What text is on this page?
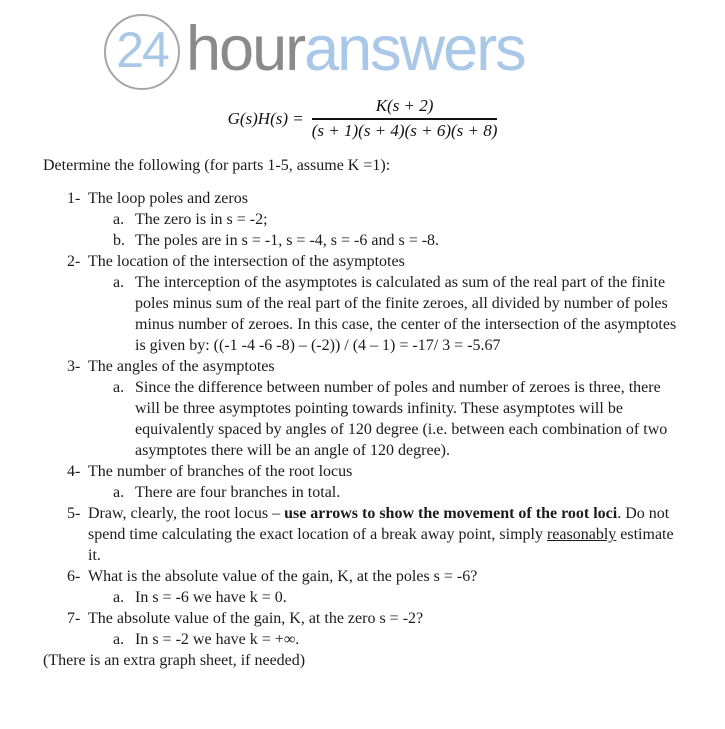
24 houranswers
$G(s)H(s) = \frac{K(s + 2)}{(s + 1)(s + 4)(s + 6)(s + 8)}$
Determine the following (for parts 1-5, assume K =1):
1- The loop poles and zeros
a. The zero is in s = -2;
b. The poles are in s = -1, s = -4, s = -6 and s = -8.
2- The location of the intersection of the asymptotes
a. The interception of the asymptotes is calculated as sum of the real part of the finite poles minus sum of the real part of the finite zeroes, all divided by number of poles minus number of zeroes. In this case, the center of the intersection of the asymptotes is given by: ((-1 -4 -6 -8) – (-2)) / (4 – 1) = -17/ 3 = -5.67
3- The angles of the asymptotes
a. Since the difference between number of poles and number of zeroes is three, there will be three asymptotes pointing towards infinity. These asymptotes will be equivalently spaced by angles of 120 degree (i.e. between each combination of two asymptotes there will be an angle of 120 degree).
4- The number of branches of the root locus
a. There are four branches in total.
5- Draw, clearly, the root locus – use arrows to show the movement of the root loci. Do not spend time calculating the exact location of a break away point, simply reasonably estimate it.
6- What is the absolute value of the gain, K, at the poles s = -6?
a. In s = -6 we have k = 0.
7- The absolute value of the gain, K, at the zero s = -2?
a. In s = -2 we have k = +∞.
(There is an extra graph sheet, if needed)
